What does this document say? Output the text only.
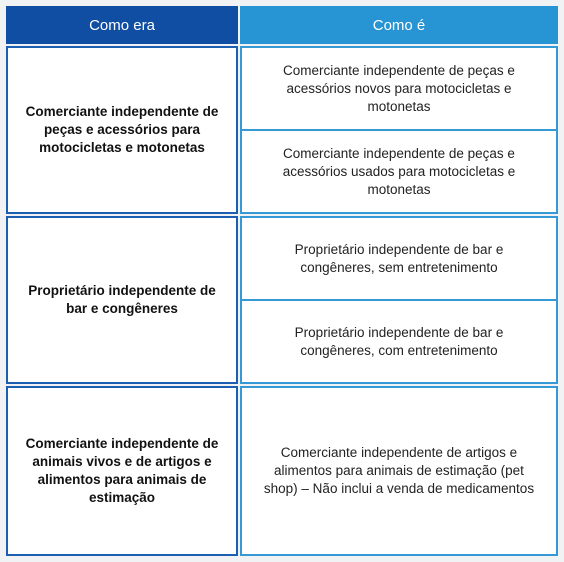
Como era	Como é
Comerciante independente de peças e acessórios para motocicletas e motonetas
Comerciante independente de peças e acessórios novos para motocicletas e motonetas
Comerciante independente de peças e acessórios usados para motocicletas e motonetas
Proprietário independente de bar e congêneres
Proprietário independente de bar e congêneres, sem entretenimento
Proprietário independente de bar e congêneres, com entretenimento
Comerciante independente de animais vivos e de artigos e alimentos para animais de estimação
Comerciante independente de artigos e alimentos para animais de estimação (pet shop) – Não inclui a venda de medicamentos
